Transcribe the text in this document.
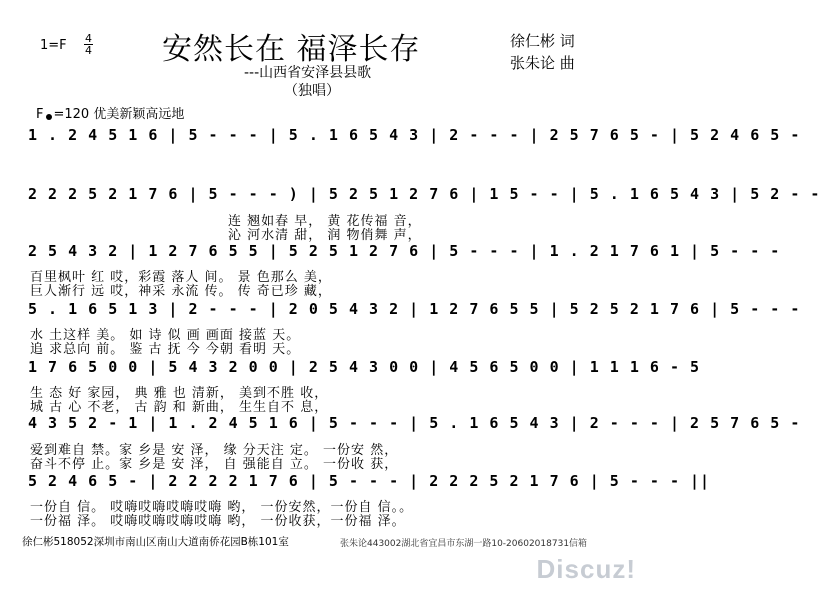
1=F 4
4 安然长在 福泽长存	徐仁彬 词
张朱论 曲
---山西省安泽县县歌
（独唱）
F =120 优美新颖高远地
1 . 2 4 5 1 6 | 5 - - - | 5 . 1 6 5 4 3 | 2 - - - | 2 5 7 6 5 - | 5 2 4 6 5 -
2 2 2 5 2 1 7 6 | 5 - - - ) | 5 2 5 1 2 7 6 | 1 5 - - | 5 . 1 6 5 4 3 | 5 2 - -
连 翘如春 早， 黄 花传福 音，
沁 河水清 甜， 润 物俏舞 声，
2 5 4 3 2 | 1 2 7 6 5 5 | 5 2 5 1 2 7 6 | 5 - - - | 1 . 2 1 7 6 1 | 5 - - -
百里枫叶 红 哎，彩霞 落人 间。 景 色那么 美，
巨人渐行 远 哎，神采 永流 传。 传 奇已珍 藏，
5 . 1 6 5 1 3 | 2 - - - | 2 0 5 4 3 2 | 1 2 7 6 5 5 | 5 2 5 2 1 7 6 | 5 - - -
水 土这样 美。 如 诗 似 画 画面 接蓝 天。
追 求总向 前。 鉴 古 抚 今 今朝 看明 天。
1 7 6 5 0 0 | 5 4 3 2 0 0 | 2 5 4 3 0 0 | 4 5 6 5 0 0 | 1 1 1 6 - 5
生 态 好 家园， 典 雅 也 清新， 美到不胜 收，
城 古 心 不老， 古 韵 和 新曲， 生生自不 息，
4 3 5 2 - 1 | 1 . 2 4 5 1 6 | 5 - - - | 5 . 1 6 5 4 3 | 2 - - - | 2 5 7 6 5 -
爱到难自 禁。家 乡是 安 泽， 缘 分天注 定。 一份安 然，
奋斗不停 止。家 乡是 安 泽， 自 强能自 立。 一份收 获，
5 2 4 6 5 - | 2 2 2 2 1 7 6 | 5 - - - | 2 2 2 5 2 1 7 6 | 5 - - - ||
一份自 信。 哎嗨哎嗨哎嗨哎嗨 哟， 一份安然，一份自 信。。
一份福 泽。 哎嗨哎嗨哎嗨哎嗨 哟， 一份收获，一份福 泽。
徐仁彬518052深圳市南山区南山大道南侨花园B栋101室	张朱论443002湖北省宜昌市东湖一路10-20602018731信箱
Discuz!
